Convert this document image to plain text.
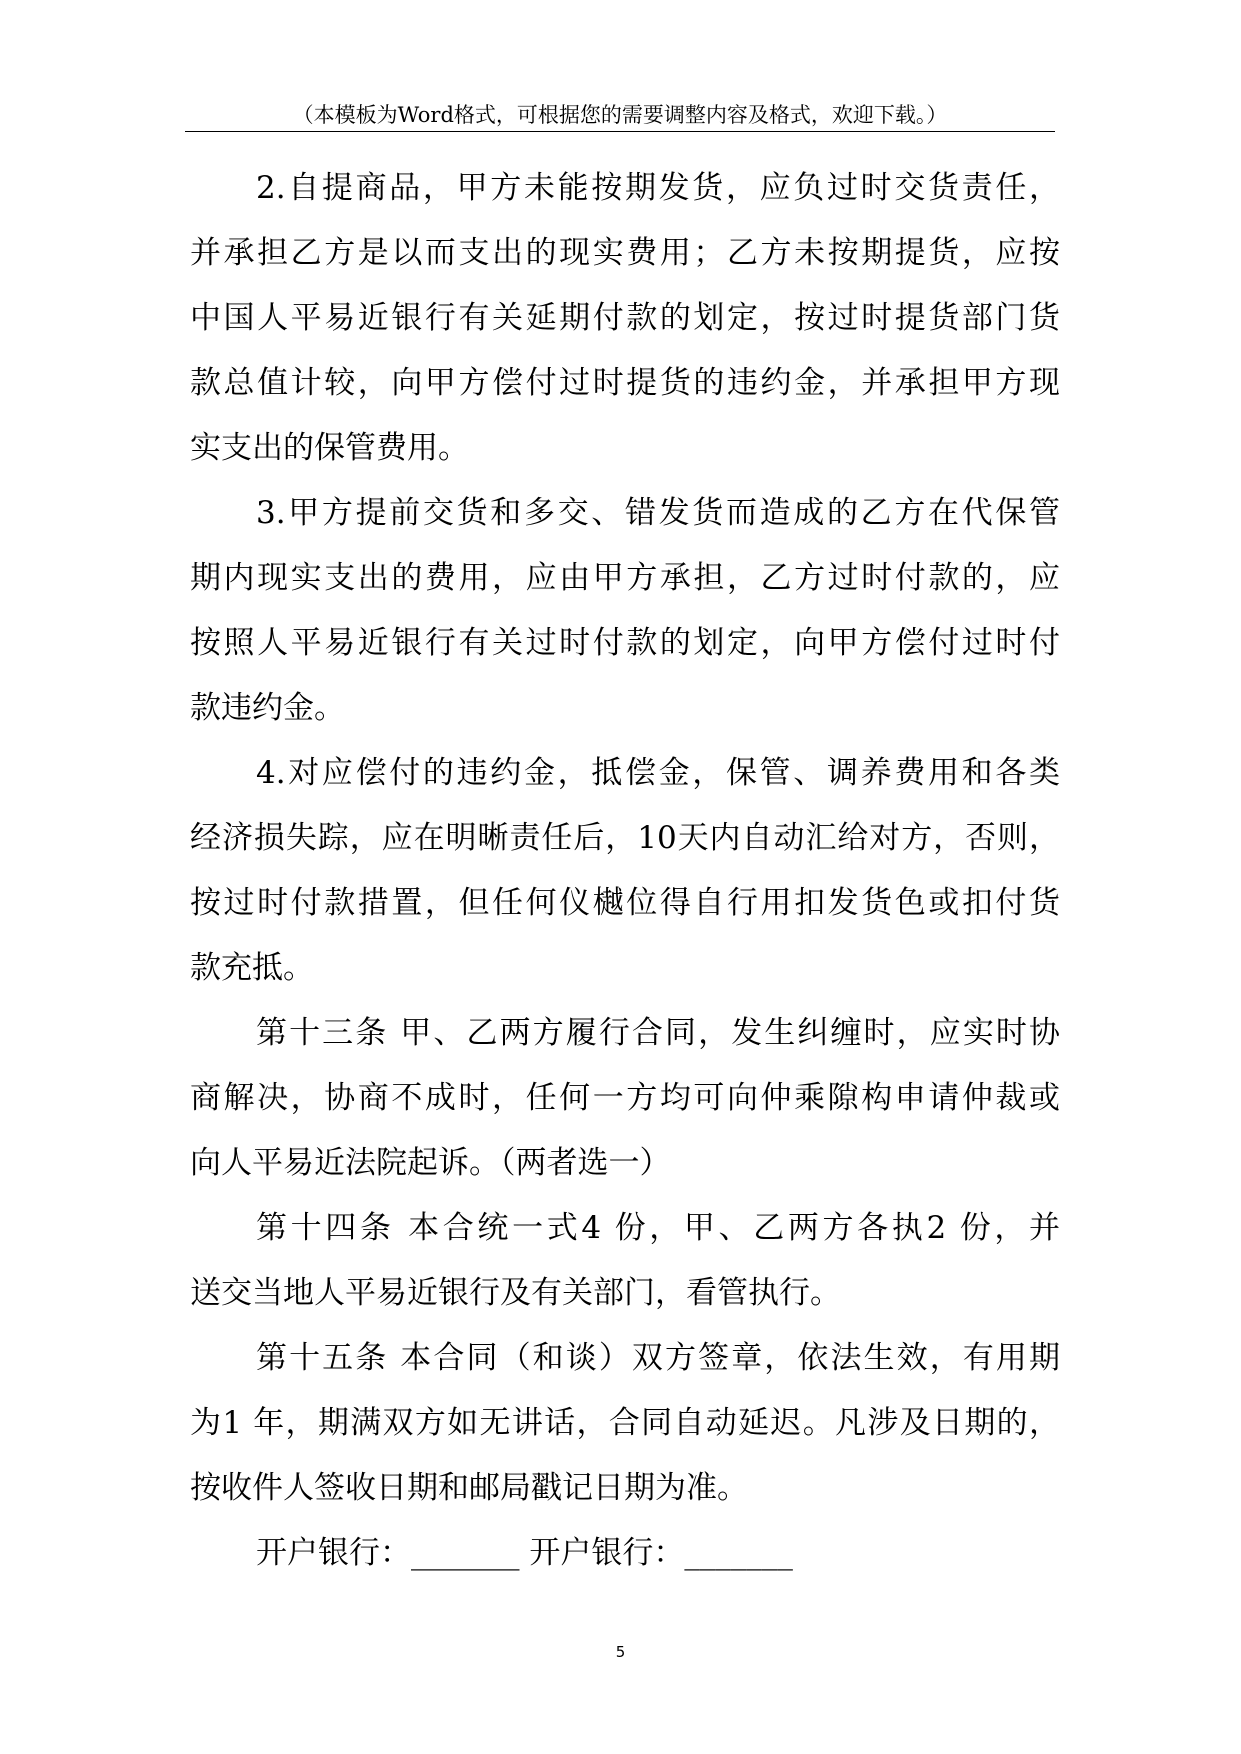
（本模板为Word格式，可根据您的需要调整内容及格式，欢迎下载。）
2.自提商品，甲方未能按期发货，应负过时交货责任，
并承担乙方是以而支出的现实费用；乙方未按期提货，应按
中国人平易近银行有关延期付款的划定，按过时提货部门货
款总值计较，向甲方偿付过时提货的违约金，并承担甲方现
实支出的保管费用。
3.甲方提前交货和多交、错发货而造成的乙方在代保管
期内现实支出的费用，应由甲方承担，乙方过时付款的，应
按照人平易近银行有关过时付款的划定，向甲方偿付过时付
款违约金。
4.对应偿付的违约金，抵偿金，保管、调养费用和各类
经济损失踪，应在明晰责任后，10天内自动汇给对方，否则，
按过时付款措置，但任何仪樾位得自行用扣发货色或扣付货
款充抵。
第十三条 甲、乙两方履行合同，发生纠缠时，应实时协
商解决，协商不成时，任何一方均可向仲乘隙构申请仲裁或
向人平易近法院起诉。（两者选一）
第十四条 本合统一式4 份，甲、乙两方各执2 份，并
送交当地人平易近银行及有关部门，看管执行。
第十五条 本合同（和谈）双方签章，依法生效，有用期
为1 年，期满双方如无讲话，合同自动延迟。凡涉及日期的，
按收件人签收日期和邮局戳记日期为准。
开户银行：_______ 开户银行：_______
5
